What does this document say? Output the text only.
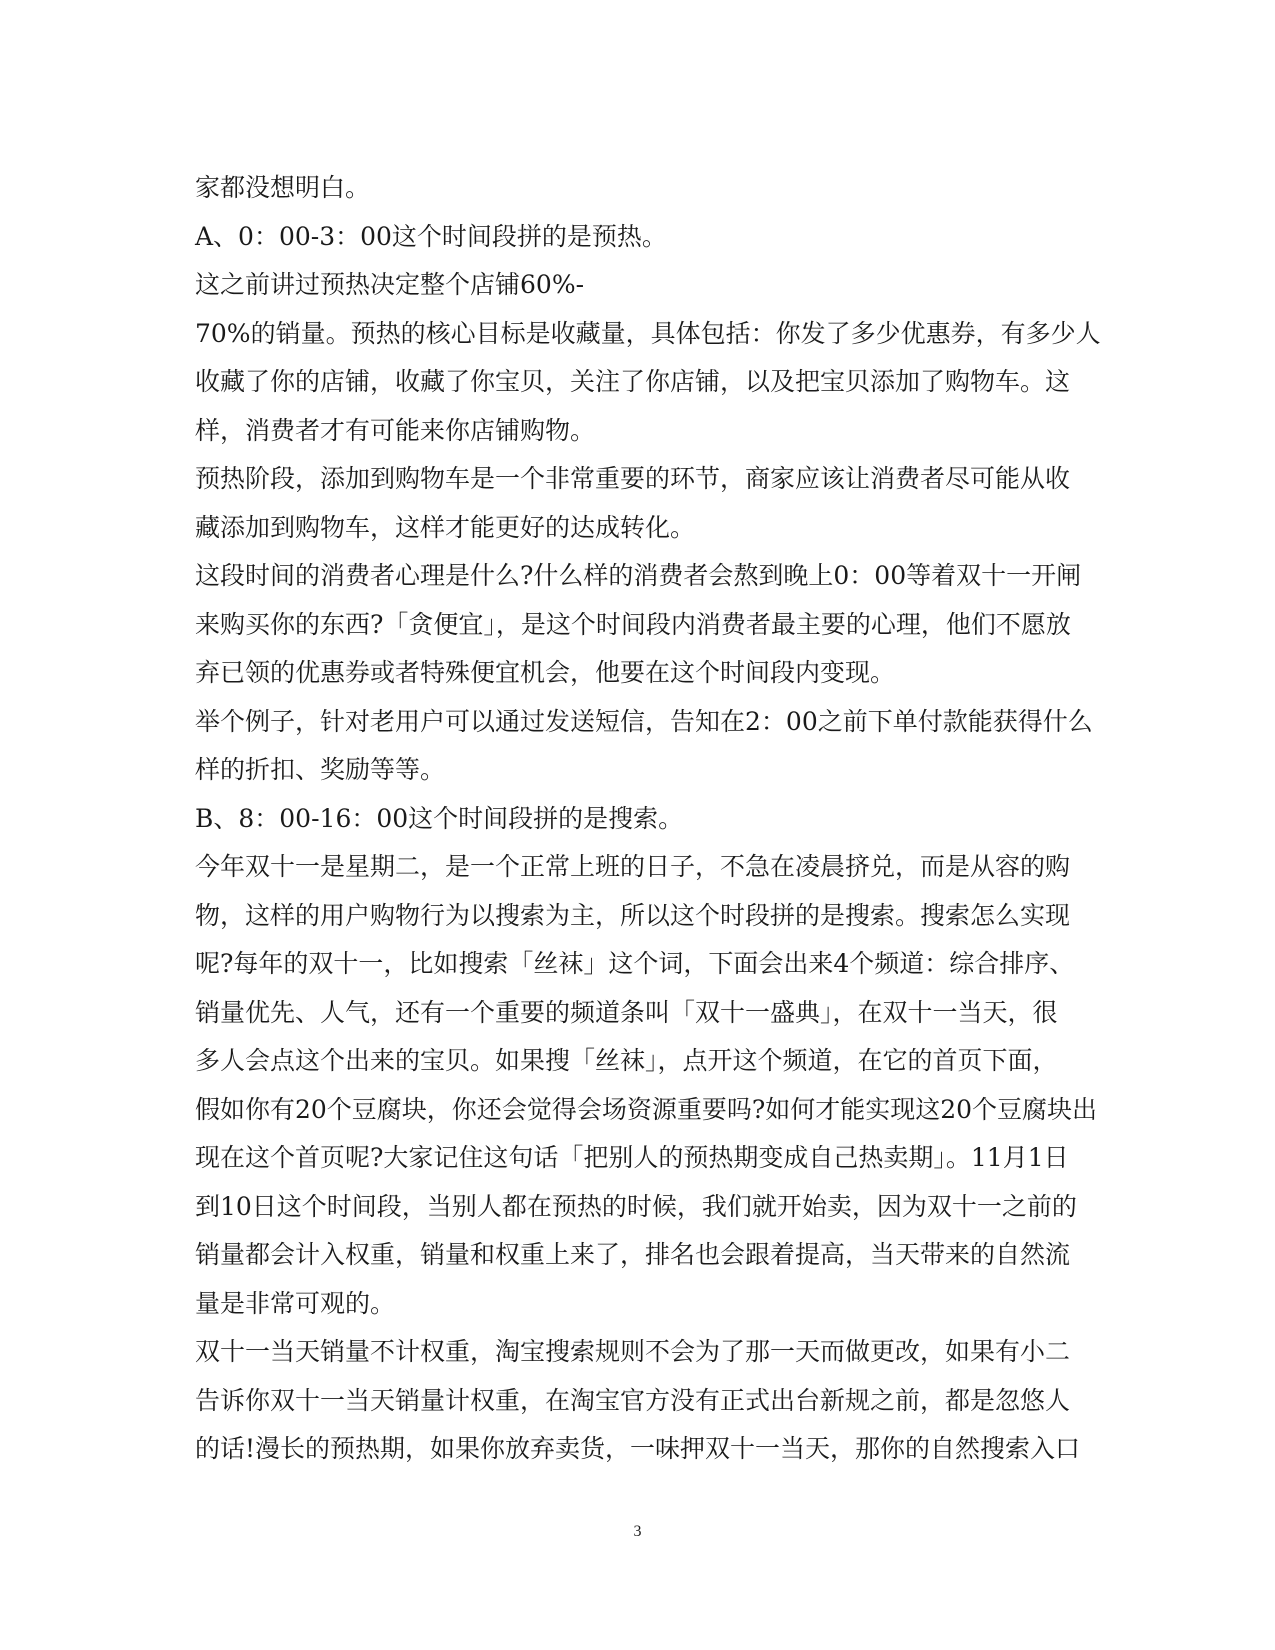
家都没想明白。
A、0：00-3：00这个时间段拼的是预热。
这之前讲过预热决定整个店铺60%-
70%的销量。预热的核心目标是收藏量，具体包括：你发了多少优惠券，有多少人
收藏了你的店铺，收藏了你宝贝，关注了你店铺，以及把宝贝添加了购物车。这
样，消费者才有可能来你店铺购物。
预热阶段，添加到购物车是一个非常重要的环节，商家应该让消费者尽可能从收
藏添加到购物车，这样才能更好的达成转化。
这段时间的消费者心理是什么?什么样的消费者会熬到晚上0：00等着双十一开闸
来购买你的东西?「贪便宜」，是这个时间段内消费者最主要的心理，他们不愿放
弃已领的优惠券或者特殊便宜机会，他要在这个时间段内变现。
举个例子，针对老用户可以通过发送短信，告知在2：00之前下单付款能获得什么
样的折扣、奖励等等。
B、8：00-16：00这个时间段拼的是搜索。
今年双十一是星期二，是一个正常上班的日子，不急在凌晨挤兑，而是从容的购
物，这样的用户购物行为以搜索为主，所以这个时段拼的是搜索。搜索怎么实现
呢?每年的双十一，比如搜索「丝袜」这个词，下面会出来4个频道：综合排序、
销量优先、人气，还有一个重要的频道条叫「双十一盛典」，在双十一当天，很
多人会点这个出来的宝贝。如果搜「丝袜」，点开这个频道，在它的首页下面，
假如你有20个豆腐块，你还会觉得会场资源重要吗?如何才能实现这20个豆腐块出
现在这个首页呢?大家记住这句话「把别人的预热期变成自己热卖期」。11月1日
到10日这个时间段，当别人都在预热的时候，我们就开始卖，因为双十一之前的
销量都会计入权重，销量和权重上来了，排名也会跟着提高，当天带来的自然流
量是非常可观的。
双十一当天销量不计权重，淘宝搜索规则不会为了那一天而做更改，如果有小二
告诉你双十一当天销量计权重，在淘宝官方没有正式出台新规之前，都是忽悠人
的话!漫长的预热期，如果你放弃卖货，一味押双十一当天，那你的自然搜索入口
3
